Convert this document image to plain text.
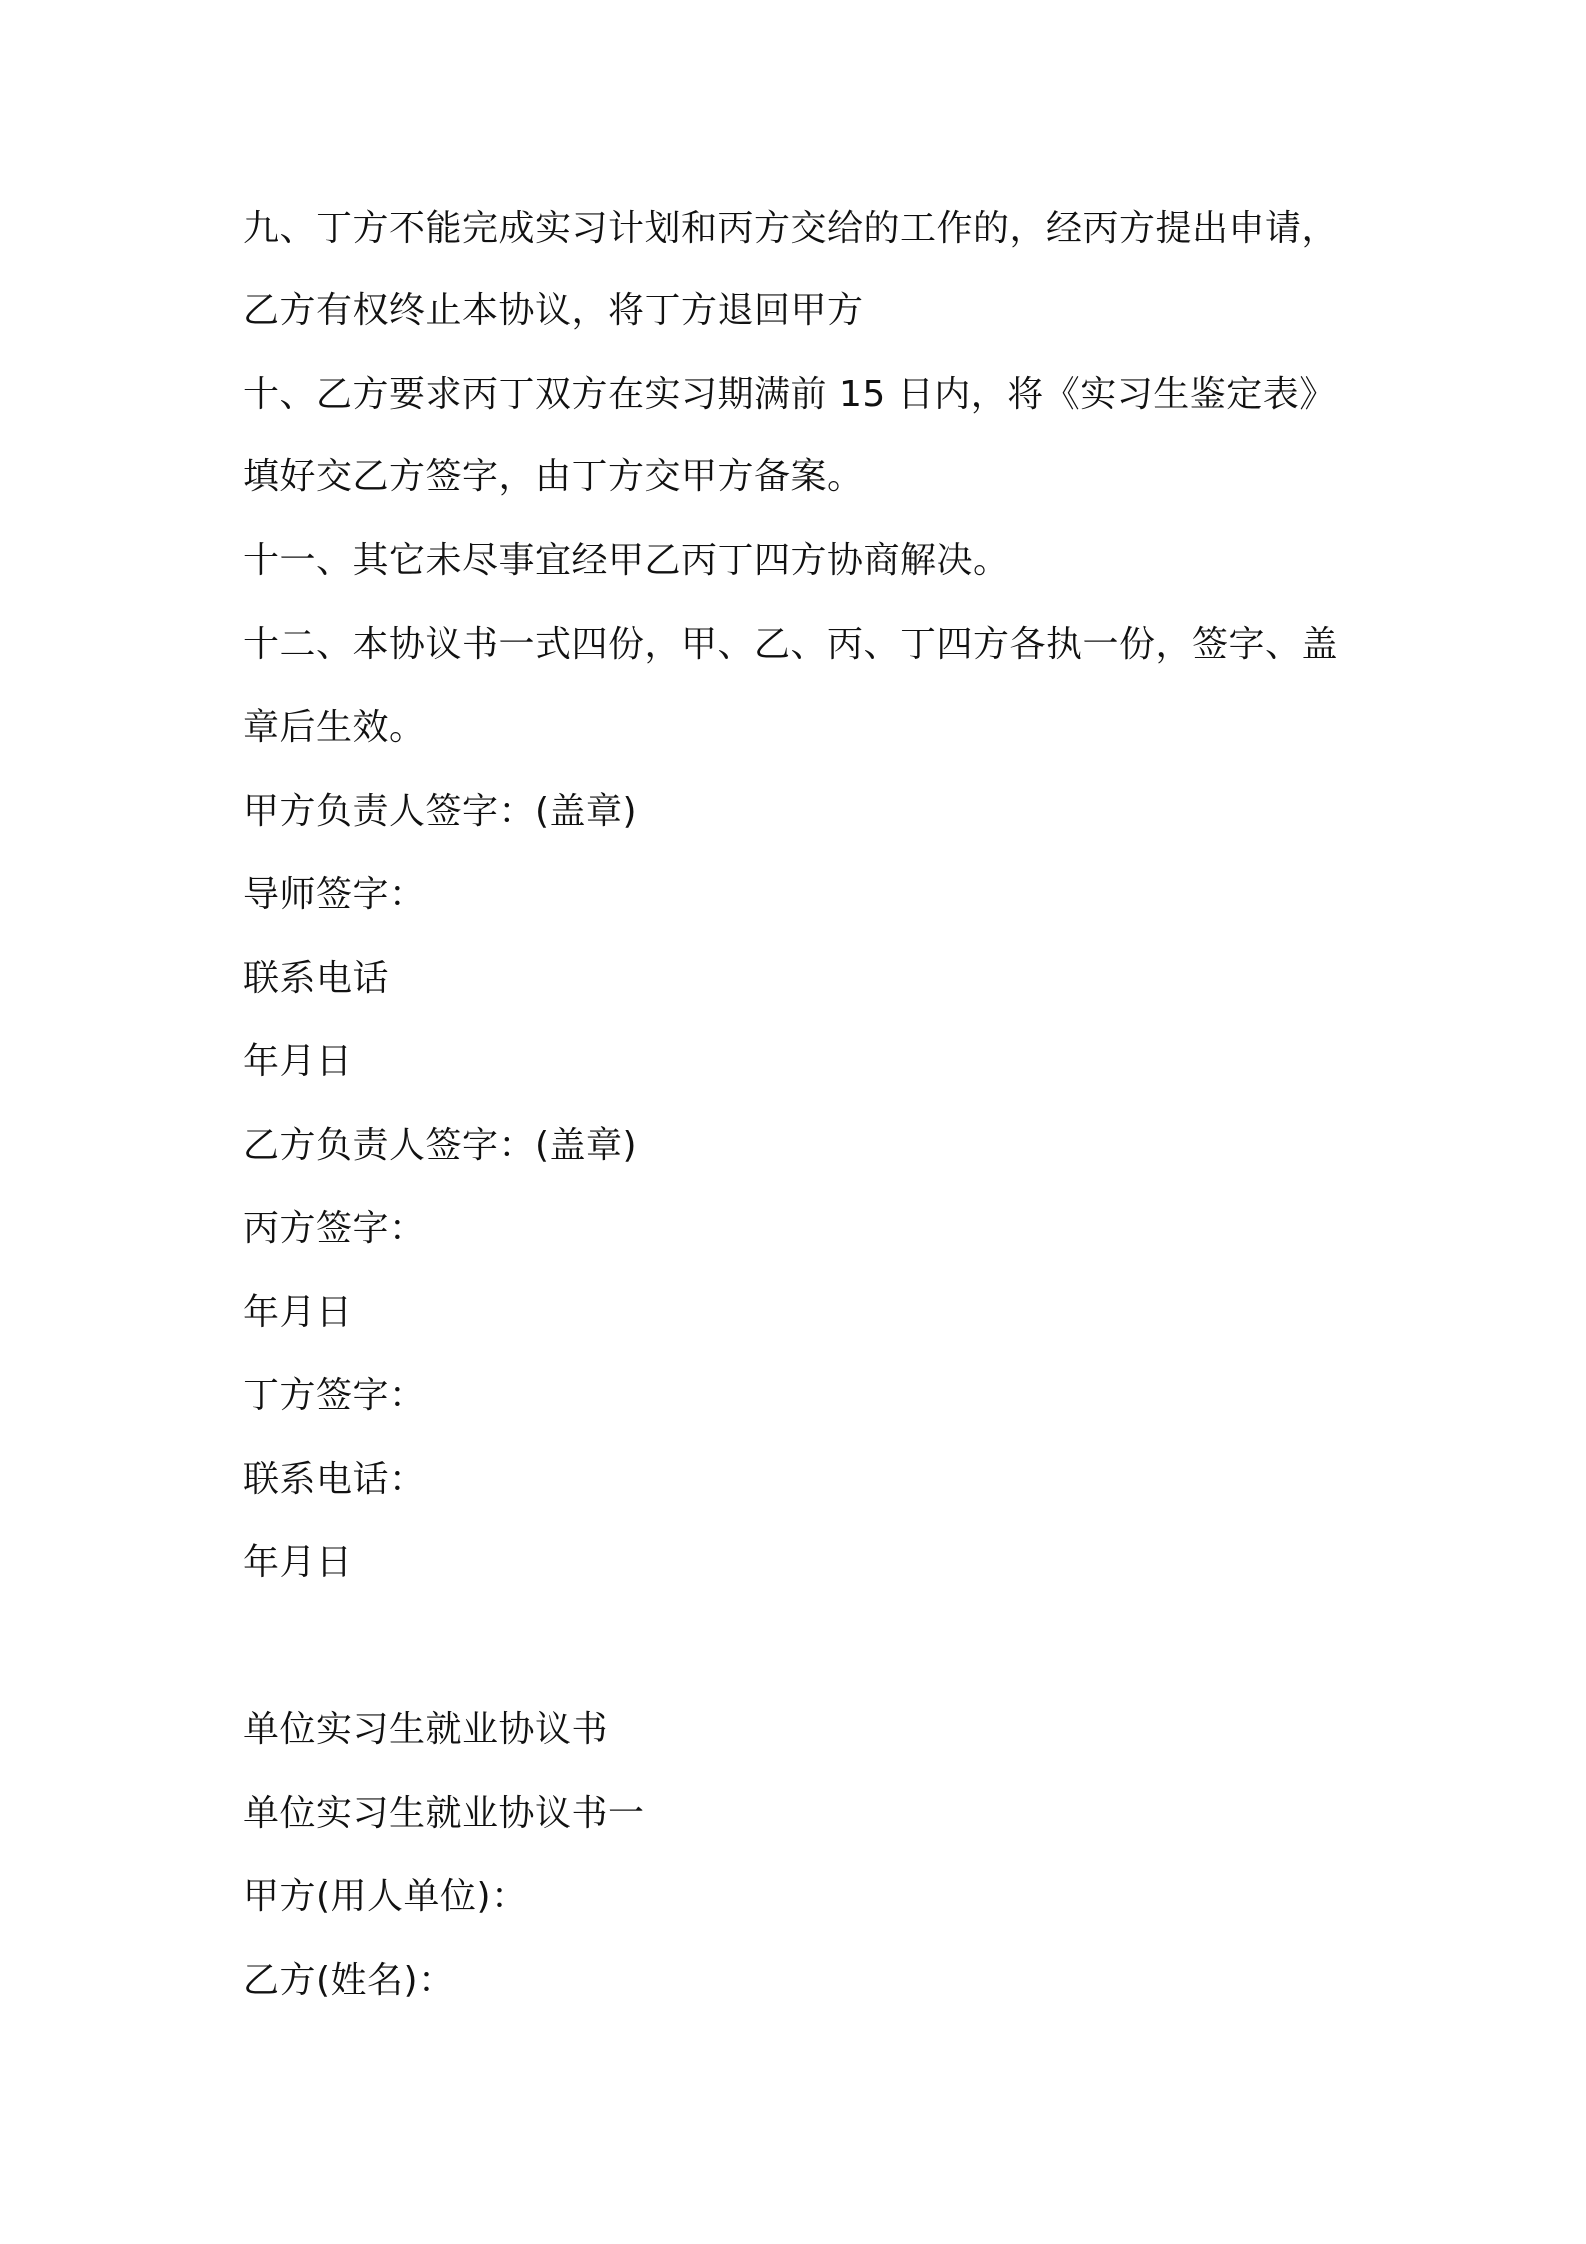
九、丁方不能完成实习计划和丙方交给的工作的，经丙方提出申请，
乙方有权终止本协议，将丁方退回甲方
十、乙方要求丙丁双方在实习期满前 15 日内，将《实习生鉴定表》
填好交乙方签字，由丁方交甲方备案。
十一、其它未尽事宜经甲乙丙丁四方协商解决。
十二、本协议书一式四份，甲、乙、丙、丁四方各执一份，签字、盖
章后生效。
甲方负责人签字：(盖章)
导师签字：
联系电话
年月日
乙方负责人签字：(盖章)
丙方签字：
年月日
丁方签字：
联系电话：
年月日
单位实习生就业协议书
单位实习生就业协议书一
甲方(用人单位)：
乙方(姓名)：
